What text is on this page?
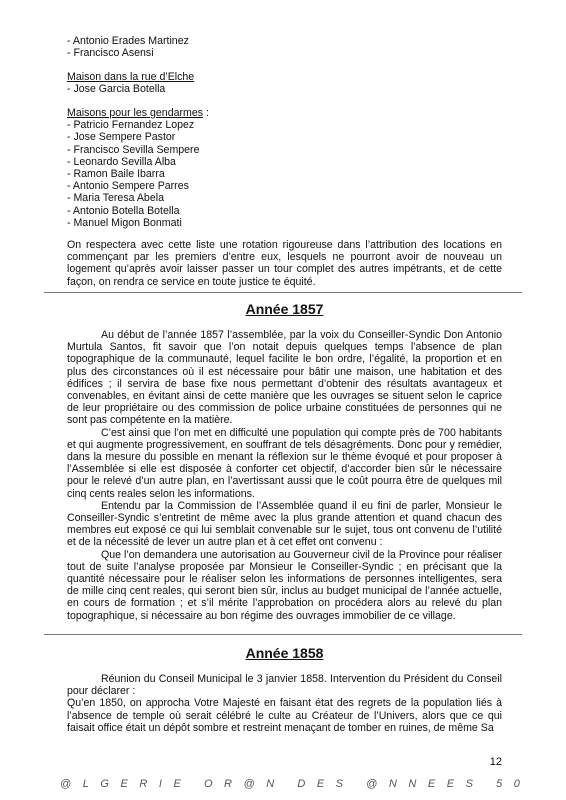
- Antonio Erades Martinez
- Francisco Asensi
Maison dans la rue d’Elche
- Jose Garcia Botella
Maisons pour les gendarmes :
- Patricio Fernandez Lopez
- Jose Sempere Pastor
- Francisco Sevilla Sempere
- Leonardo Sevilla Alba
- Ramon Baile Ibarra
- Antonio Sempere Parres
- Maria Teresa Abela
- Antonio Botella Botella
- Manuel Migon Bonmati

On respectera avec cette liste une rotation rigoureuse dans l’attribution des locations en commençant par les premiers d’entre eux, lesquels ne pourront avoir de nouveau un logement qu’après avoir laisser passer un tour complet des autres impétrants, et de cette façon, on rendra ce service en toute justice te équité.

Année 1857

Au début de l’année 1857 l’assemblée, par la voix du Conseiller-Syndic Don Antonio Murtula Santos, fit savoir que l’on notait depuis quelques temps l’absence de plan topographique de la communauté, lequel facilite le bon ordre, l’égalité, la proportion et en plus des circonstances où il est nécessaire pour bâtir une maison, une habitation et des édifices ; il servira de base fixe nous permettant d’obtenir des résultats avantageux et convenables, en évitant ainsi de cette manière que les ouvrages se situent selon le caprice de leur propriétaire ou des commission de police urbaine constituées de personnes qui ne sont pas compétente en la matière.

C’est ainsi que l’on met en difficulté une population qui compte près de 700 habitants et qui augmente progressivement, en souffrant de tels désagréments. Donc pour y remédier, dans la mesure du possible en menant la réflexion sur le thème évoqué et pour proposer à l’Assemblée si elle est disposée à conforter cet objectif, d’accorder bien sûr le nécessaire pour le relevé d’un autre plan, en l’avertissant aussi que le coût pourra être de quelques mil cinq cents reales selon les informations.

Entendu par la Commission de l’Assemblée quand il eu fini de parler, Monsieur le Conseiller-Syndic s’entretint de même avec la plus grande attention et quand chacun des membres eut exposé ce qui lui semblait convenable sur le sujet, tous ont convenu de l’utilité et de la nécessité de lever un autre plan et à cet effet ont convenu :

Que l’on demandera une autorisation au Gouverneur civil de la Province pour réaliser tout de suite l’analyse proposée par Monsieur le Conseiller-Syndic ; en précisant que la quantité nécessaire pour le réaliser selon les informations de personnes intelligentes, sera de mille cinq cent reales, qui seront bien sûr, inclus au budget municipal de l’année actuelle, en cours de formation ; et s’il mérite l’approbation on procédera alors au relevé du plan topographique, si nécessaire au bon régime des ouvrages immobilier de ce village.

Année 1858

Réunion du Conseil Municipal le 3 janvier 1858. Intervention du Président du Conseil pour déclarer :

Qu’en 1850, on approcha Votre Majesté en faisant état des regrets de la population liés à l’absence de temple où serait célébré le culte au Créateur de l’Univers, alors que ce qui faisait office était un dépôt sombre et restreint menaçant de tomber en ruines, de même Sa

12
@ L G E R I E O R @ N D E S @ N N E E S 5 0
